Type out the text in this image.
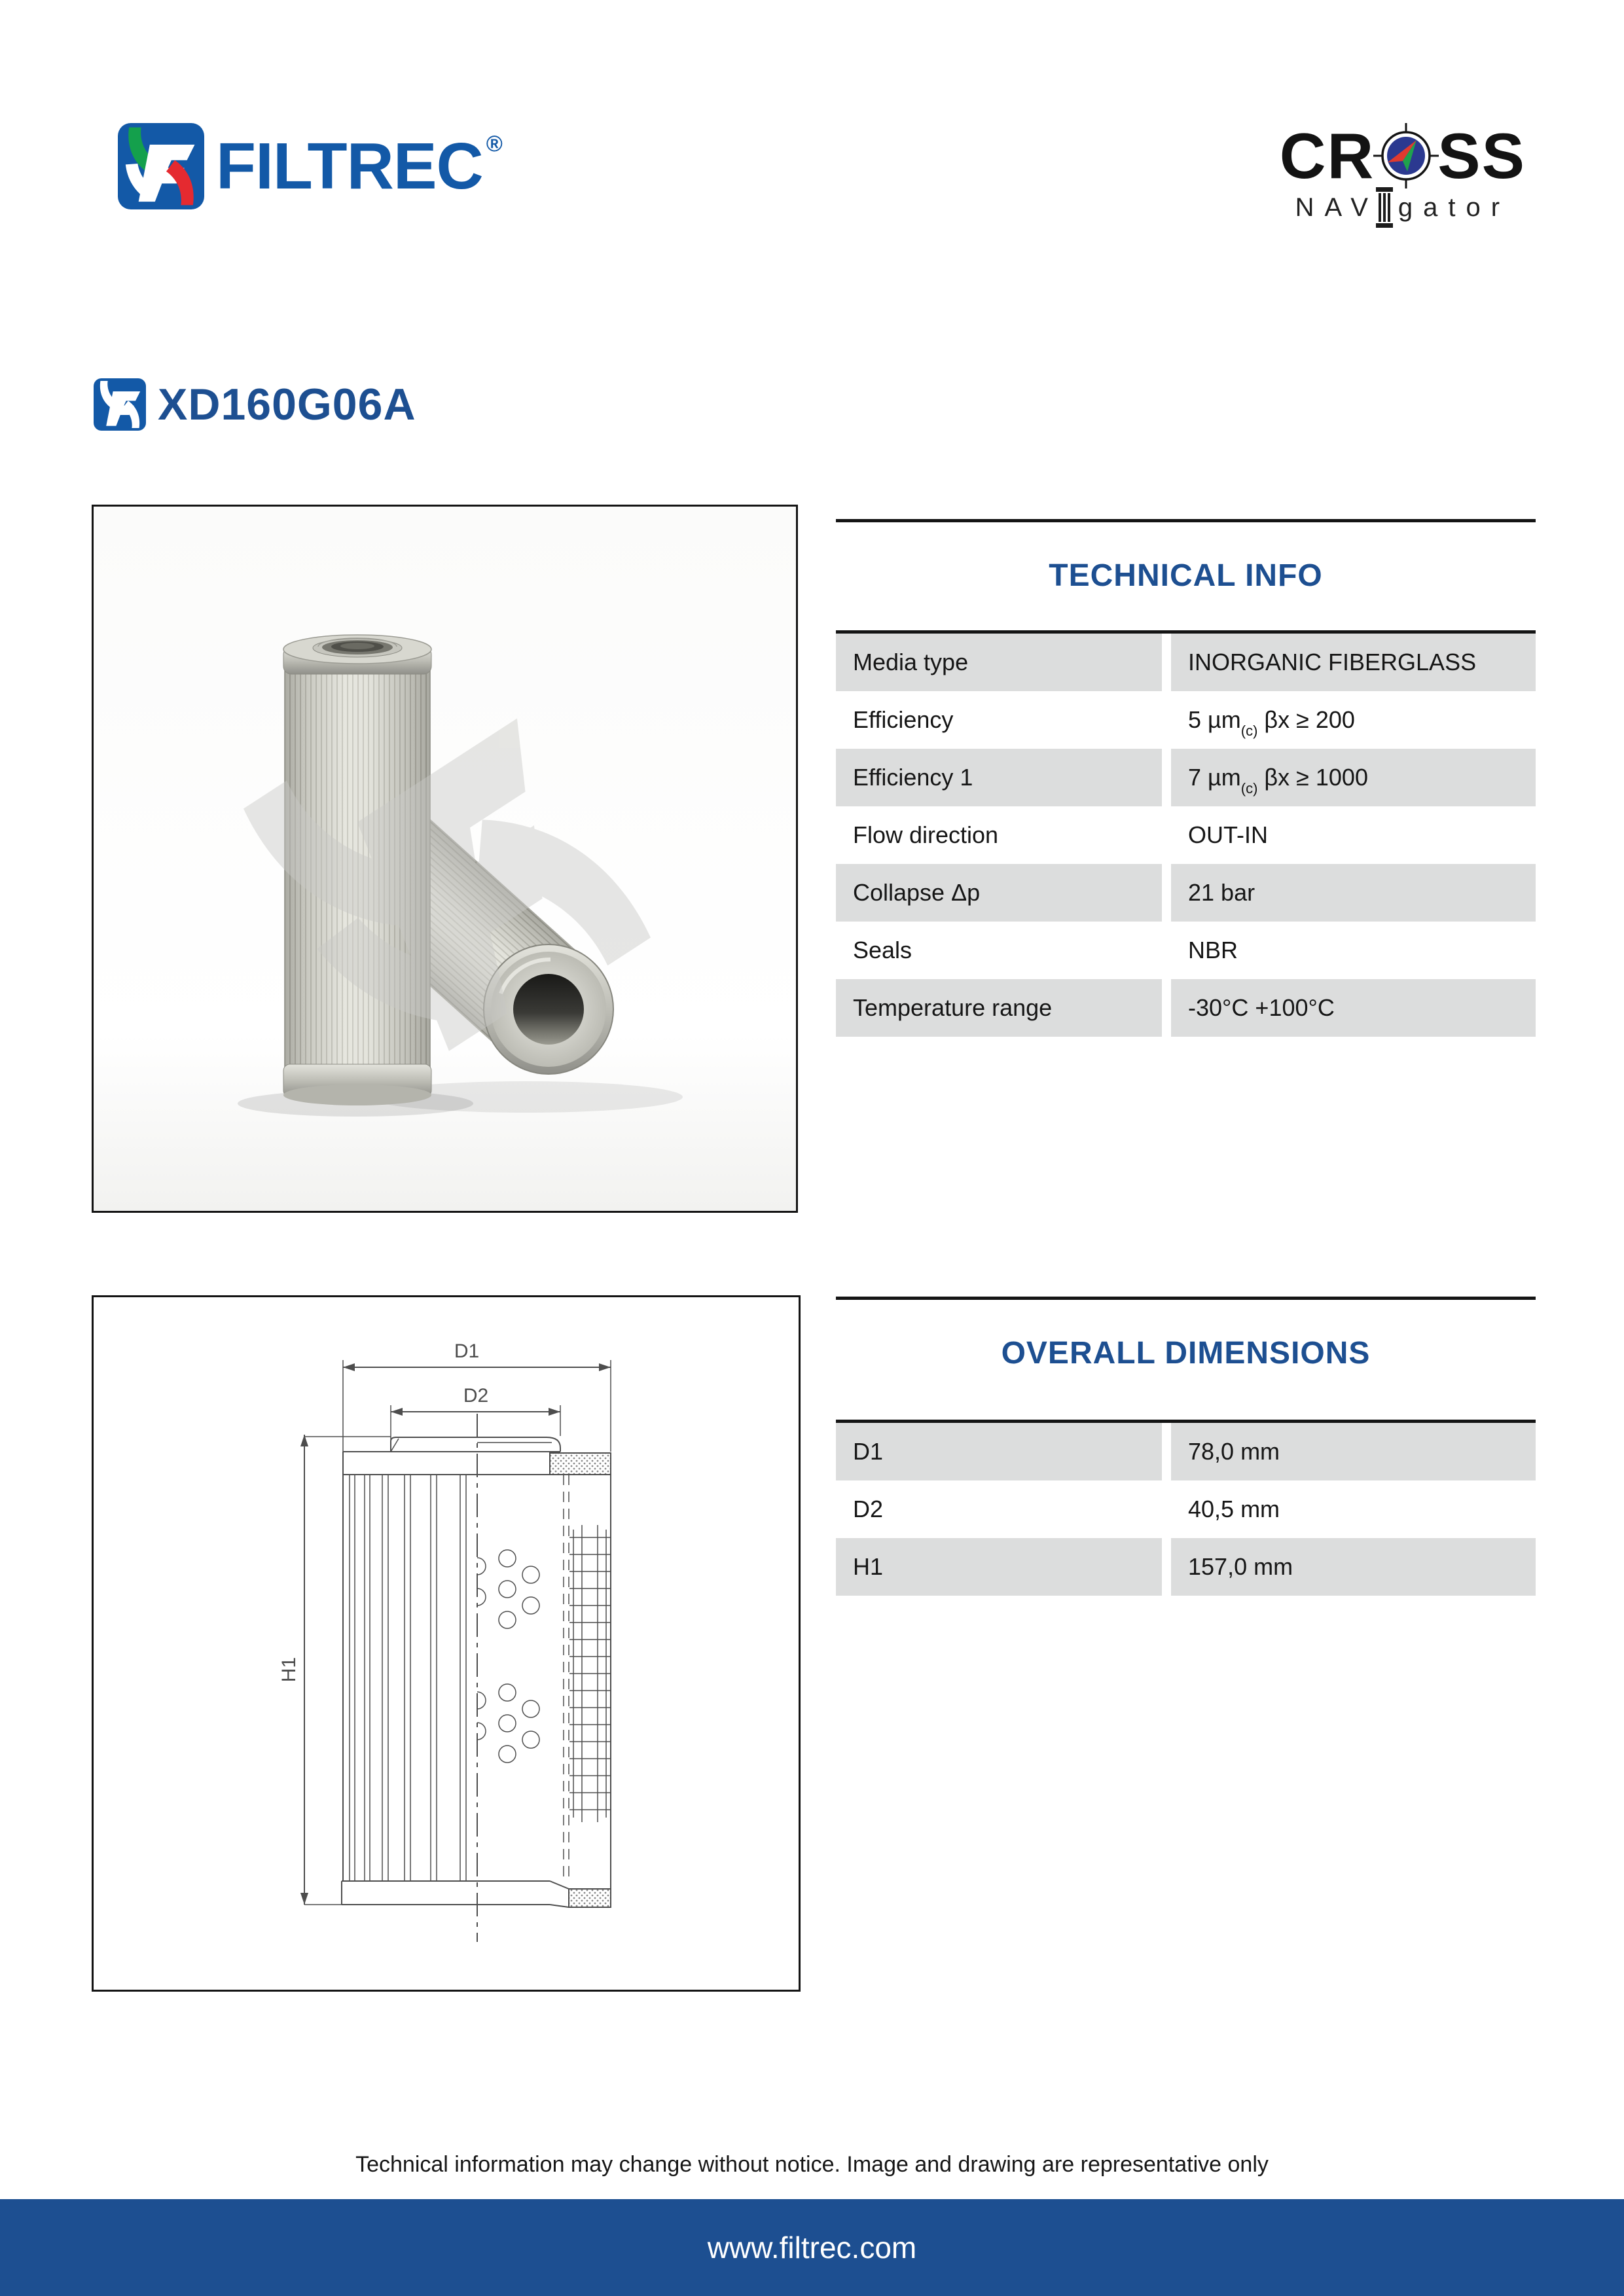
FILTREC ®	CR SS
NAV gator
XD160G06A
TECHNICAL INFO
Media type	INORGANIC FIBERGLASS
Efficiency	5 µm$_{(c)}$ βx ≥ 200
Efficiency 1	7 µm$_{(c)}$ βx ≥ 1000
Flow direction	OUT-IN
Collapse Δp	21 bar
Seals	NBR
Temperature range	-30°C +100°C
D1
D2
H1
OVERALL DIMENSIONS
D1	78,0 mm
D2	40,5 mm
H1	157,0 mm
Technical information may change without notice. Image and drawing are representative only
www.filtrec.com
